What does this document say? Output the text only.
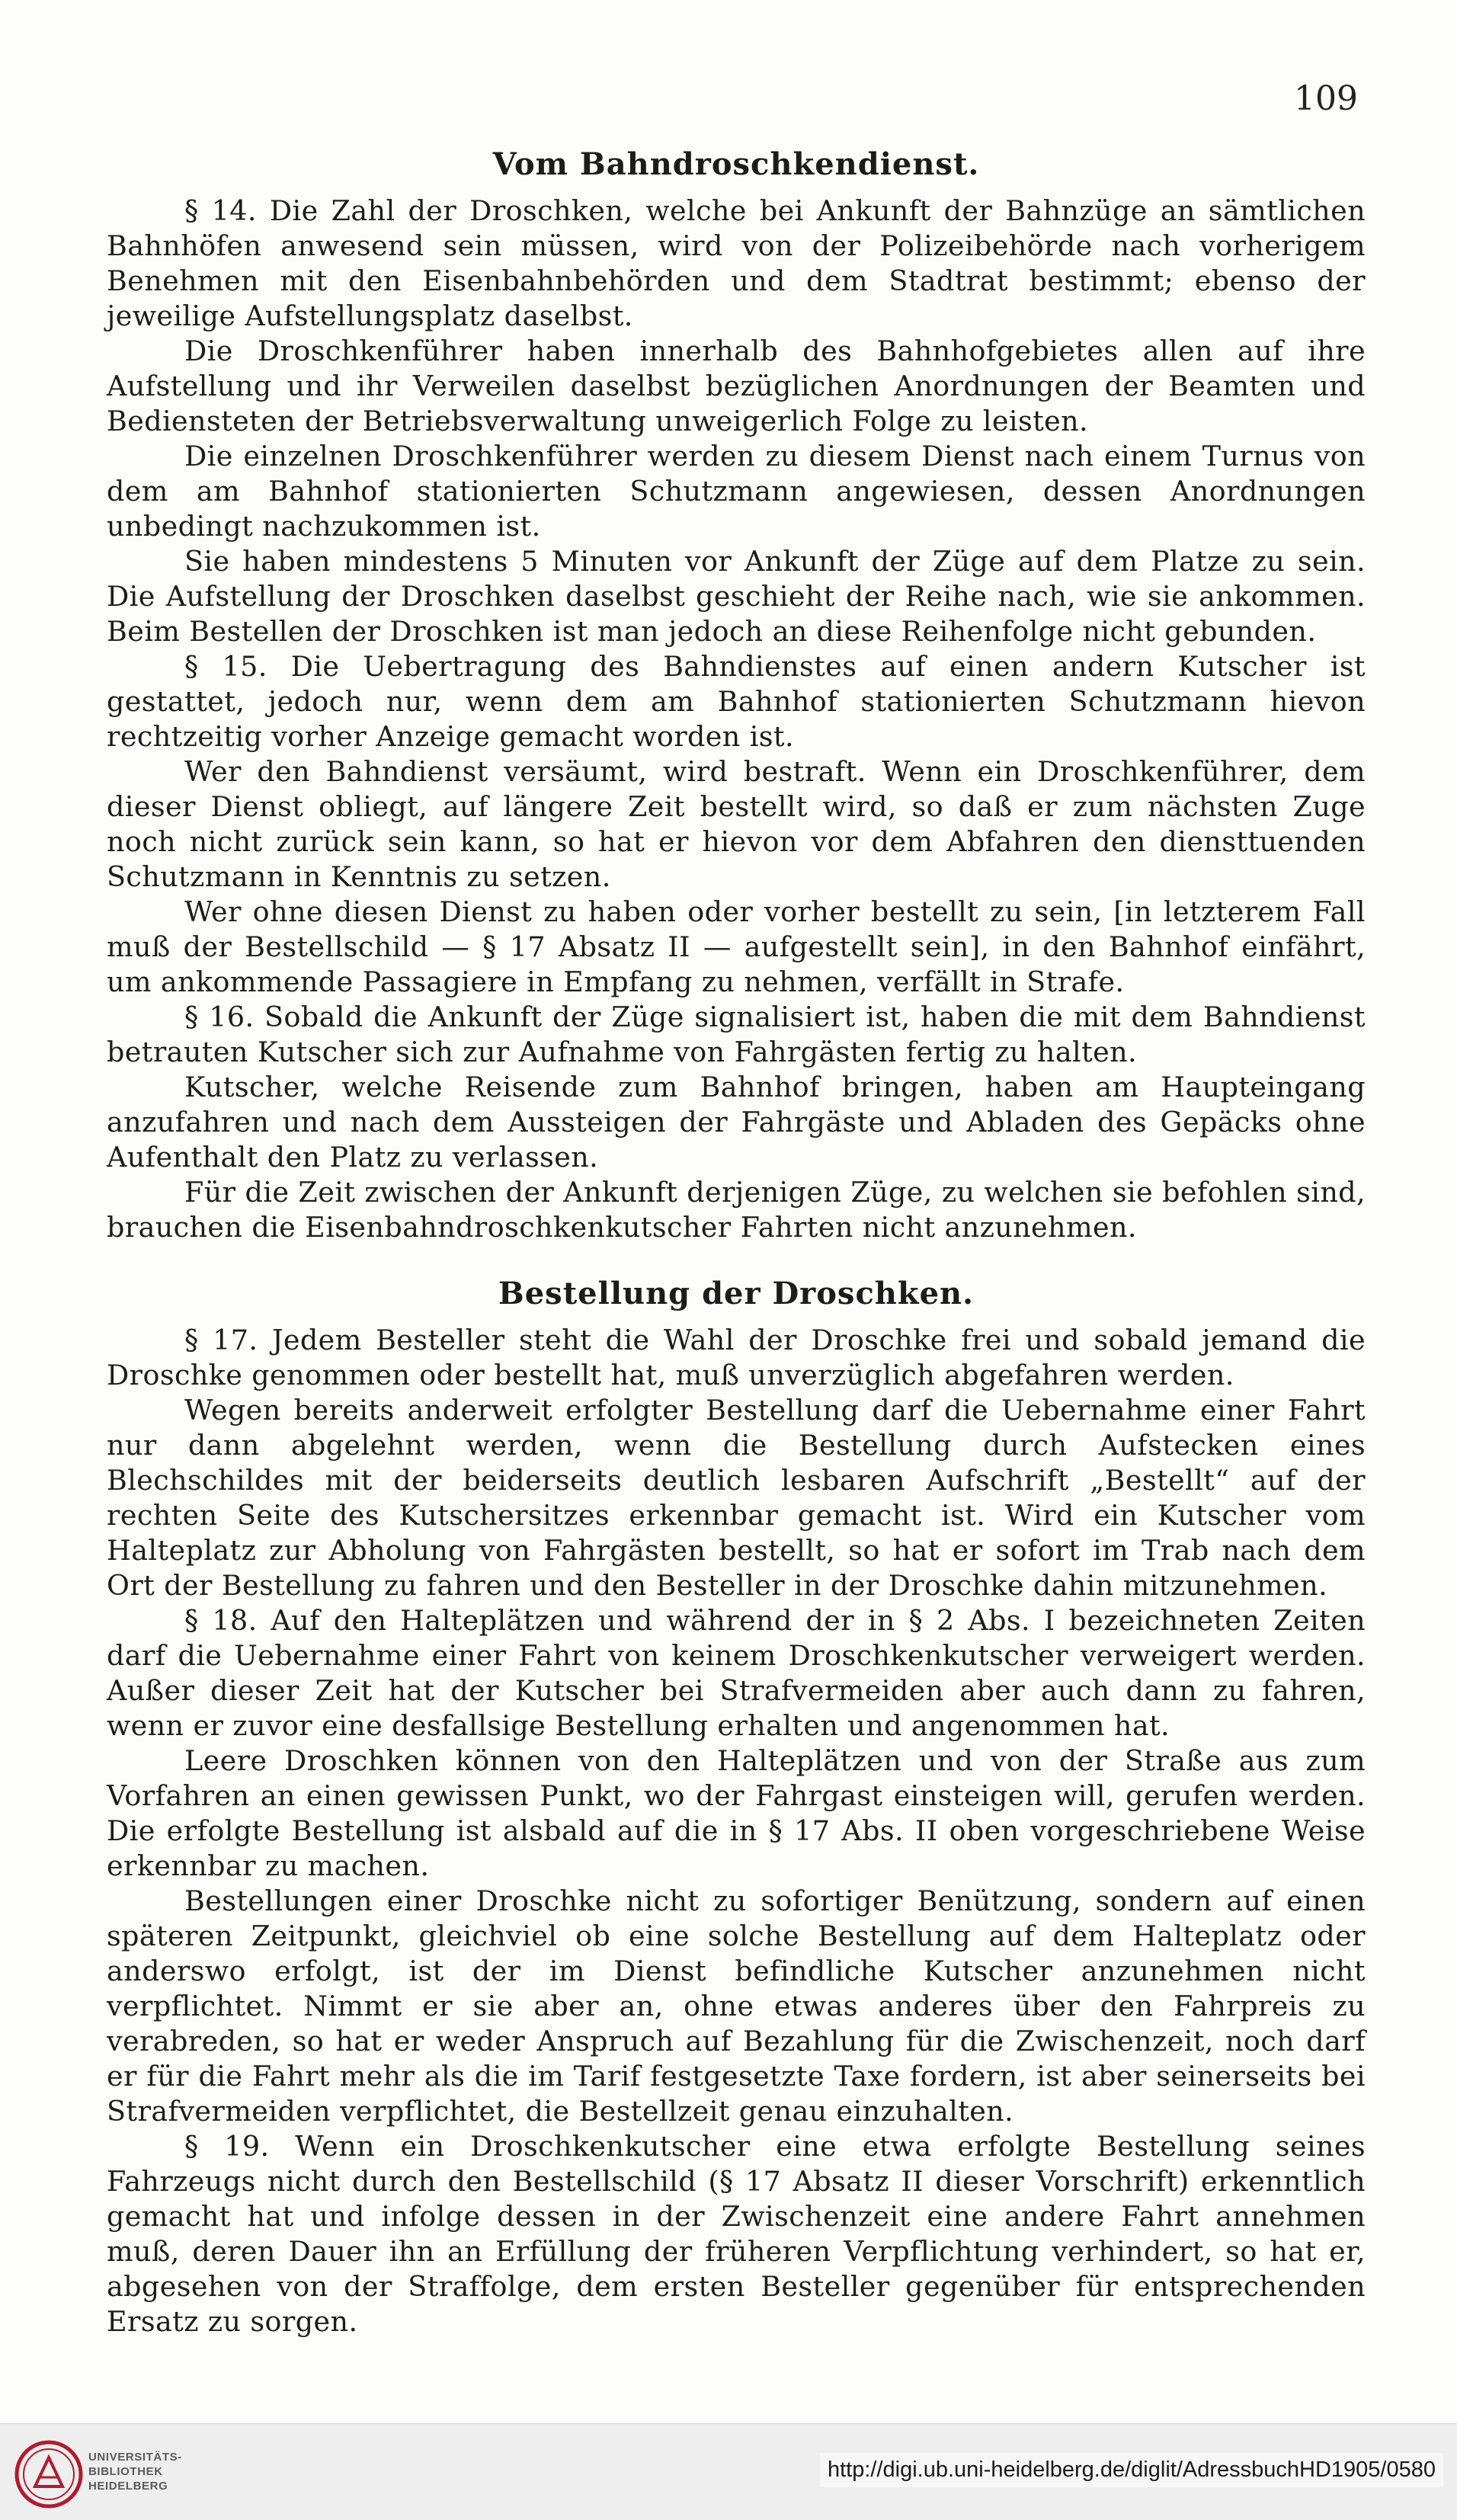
109
Vom Bahndroschkendienst.

§ 14. Die Zahl der Droschken, welche bei Ankunft der Bahnzüge an sämtlichen Bahnhöfen anwesend sein müssen, wird von der Polizeibehörde nach vorherigem Benehmen mit den Eisenbahnbehörden und dem Stadtrat bestimmt; ebenso der jeweilige Aufstellungsplatz daselbst.

Die Droschkenführer haben innerhalb des Bahnhofgebietes allen auf ihre Aufstellung und ihr Verweilen daselbst bezüglichen Anordnungen der Beamten und Bediensteten der Betriebsverwaltung unweigerlich Folge zu leisten.

Die einzelnen Droschkenführer werden zu diesem Dienst nach einem Turnus von dem am Bahnhof stationierten Schutzmann angewiesen, dessen Anordnungen unbedingt nachzukommen ist.

Sie haben mindestens 5 Minuten vor Ankunft der Züge auf dem Platze zu sein. Die Aufstellung der Droschken daselbst geschieht der Reihe nach, wie sie ankommen. Beim Bestellen der Droschken ist man jedoch an diese Reihenfolge nicht gebunden.

§ 15. Die Uebertragung des Bahndienstes auf einen andern Kutscher ist gestattet, jedoch nur, wenn dem am Bahnhof stationierten Schutzmann hievon rechtzeitig vorher Anzeige gemacht worden ist.

Wer den Bahndienst versäumt, wird bestraft. Wenn ein Droschkenführer, dem dieser Dienst obliegt, auf längere Zeit bestellt wird, so daß er zum nächsten Zuge noch nicht zurück sein kann, so hat er hievon vor dem Abfahren den diensttuenden Schutzmann in Kenntnis zu setzen.

Wer ohne diesen Dienst zu haben oder vorher bestellt zu sein, [in letzterem Fall muß der Bestellschild — § 17 Absatz II — aufgestellt sein], in den Bahnhof einfährt, um ankommende Passagiere in Empfang zu nehmen, verfällt in Strafe.

§ 16. Sobald die Ankunft der Züge signalisiert ist, haben die mit dem Bahndienst betrauten Kutscher sich zur Aufnahme von Fahrgästen fertig zu halten.

Kutscher, welche Reisende zum Bahnhof bringen, haben am Haupteingang anzufahren und nach dem Aussteigen der Fahrgäste und Abladen des Gepäcks ohne Aufenthalt den Platz zu verlassen.

Für die Zeit zwischen der Ankunft derjenigen Züge, zu welchen sie befohlen sind, brauchen die Eisenbahndroschkenkutscher Fahrten nicht anzunehmen.

Bestellung der Droschken.

§ 17. Jedem Besteller steht die Wahl der Droschke frei und sobald jemand die Droschke genommen oder bestellt hat, muß unverzüglich abgefahren werden.

Wegen bereits anderweit erfolgter Bestellung darf die Uebernahme einer Fahrt nur dann abgelehnt werden, wenn die Bestellung durch Aufstecken eines Blechschildes mit der beiderseits deutlich lesbaren Aufschrift „Bestellt“ auf der rechten Seite des Kutschersitzes erkennbar gemacht ist. Wird ein Kutscher vom Halteplatz zur Abholung von Fahrgästen bestellt, so hat er sofort im Trab nach dem Ort der Bestellung zu fahren und den Besteller in der Droschke dahin mitzunehmen.

§ 18. Auf den Halteplätzen und während der in § 2 Abs. I bezeichneten Zeiten darf die Uebernahme einer Fahrt von keinem Droschkenkutscher verweigert werden. Außer dieser Zeit hat der Kutscher bei Strafvermeiden aber auch dann zu fahren, wenn er zuvor eine desfallsige Bestellung erhalten und angenommen hat.

Leere Droschken können von den Halteplätzen und von der Straße aus zum Vorfahren an einen gewissen Punkt, wo der Fahrgast einsteigen will, gerufen werden. Die erfolgte Bestellung ist alsbald auf die in § 17 Abs. II oben vorgeschriebene Weise erkennbar zu machen.

Bestellungen einer Droschke nicht zu sofortiger Benützung, sondern auf einen späteren Zeitpunkt, gleichviel ob eine solche Bestellung auf dem Halteplatz oder anderswo erfolgt, ist der im Dienst befindliche Kutscher anzunehmen nicht verpflichtet. Nimmt er sie aber an, ohne etwas anderes über den Fahrpreis zu verabreden, so hat er weder Anspruch auf Bezahlung für die Zwischenzeit, noch darf er für die Fahrt mehr als die im Tarif festgesetzte Taxe fordern, ist aber seinerseits bei Strafvermeiden verpflichtet, die Bestellzeit genau einzuhalten.

§ 19. Wenn ein Droschkenkutscher eine etwa erfolgte Bestellung seines Fahrzeugs nicht durch den Bestellschild (§ 17 Absatz II dieser Vorschrift) erkenntlich gemacht hat und infolge dessen in der Zwischenzeit eine andere Fahrt annehmen muß, deren Dauer ihn an Erfüllung der früheren Verpflichtung verhindert, so hat er, abgesehen von der Straffolge, dem ersten Besteller gegenüber für entsprechenden Ersatz zu sorgen.

UNIVERSITÄTS-
BIBLIOTHEK
HEIDELBERG
http://digi.ub.uni-heidelberg.de/diglit/AdressbuchHD1905/0580
